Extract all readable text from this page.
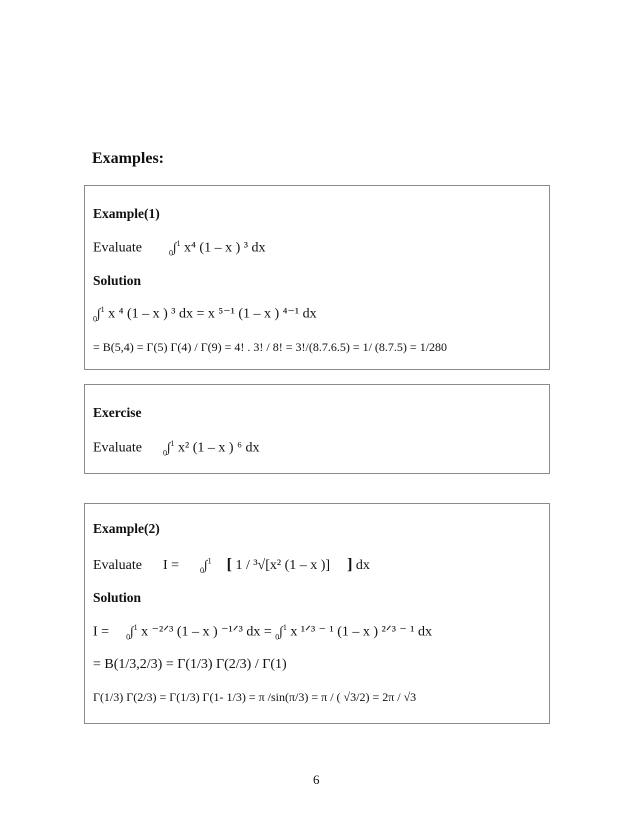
Examples:
Example(1)
Evaluate	$_0$∫$^1$ x⁴ (1 – x ) ³ dx
Solution
$_0$∫$^1$ x ⁴ (1 – x ) ³ dx = x ⁵⁻¹ (1 – x ) ⁴⁻¹ dx
= B(5,4) = Γ(5) Γ(4) / Γ(9) = 4! . 3! / 8! = 3!/(8.7.6.5) = 1/ (8.7.5) = 1/280
Exercise
Evaluate	$_0$∫$^1$ x² (1 – x ) ⁶ dx
Example(2)
Evaluate I =	$_0$∫$^1$ [ 1 / ³√[x² (1 – x )] ] dx
Solution
I = $_0$∫$^1$ x ⁻²ᐟ³ (1 – x ) ⁻¹ᐟ³ dx = $_0$∫$^1$ x ¹ᐟ³ ⁻ ¹ (1 – x ) ²ᐟ³ ⁻ ¹ dx
= B(1/3,2/3) = Γ(1/3) Γ(2/3) / Γ(1)
Γ(1/3) Γ(2/3) = Γ(1/3) Γ(1- 1/3) = π /sin(π/3) = π / ( √3/2) = 2π / √3
6
